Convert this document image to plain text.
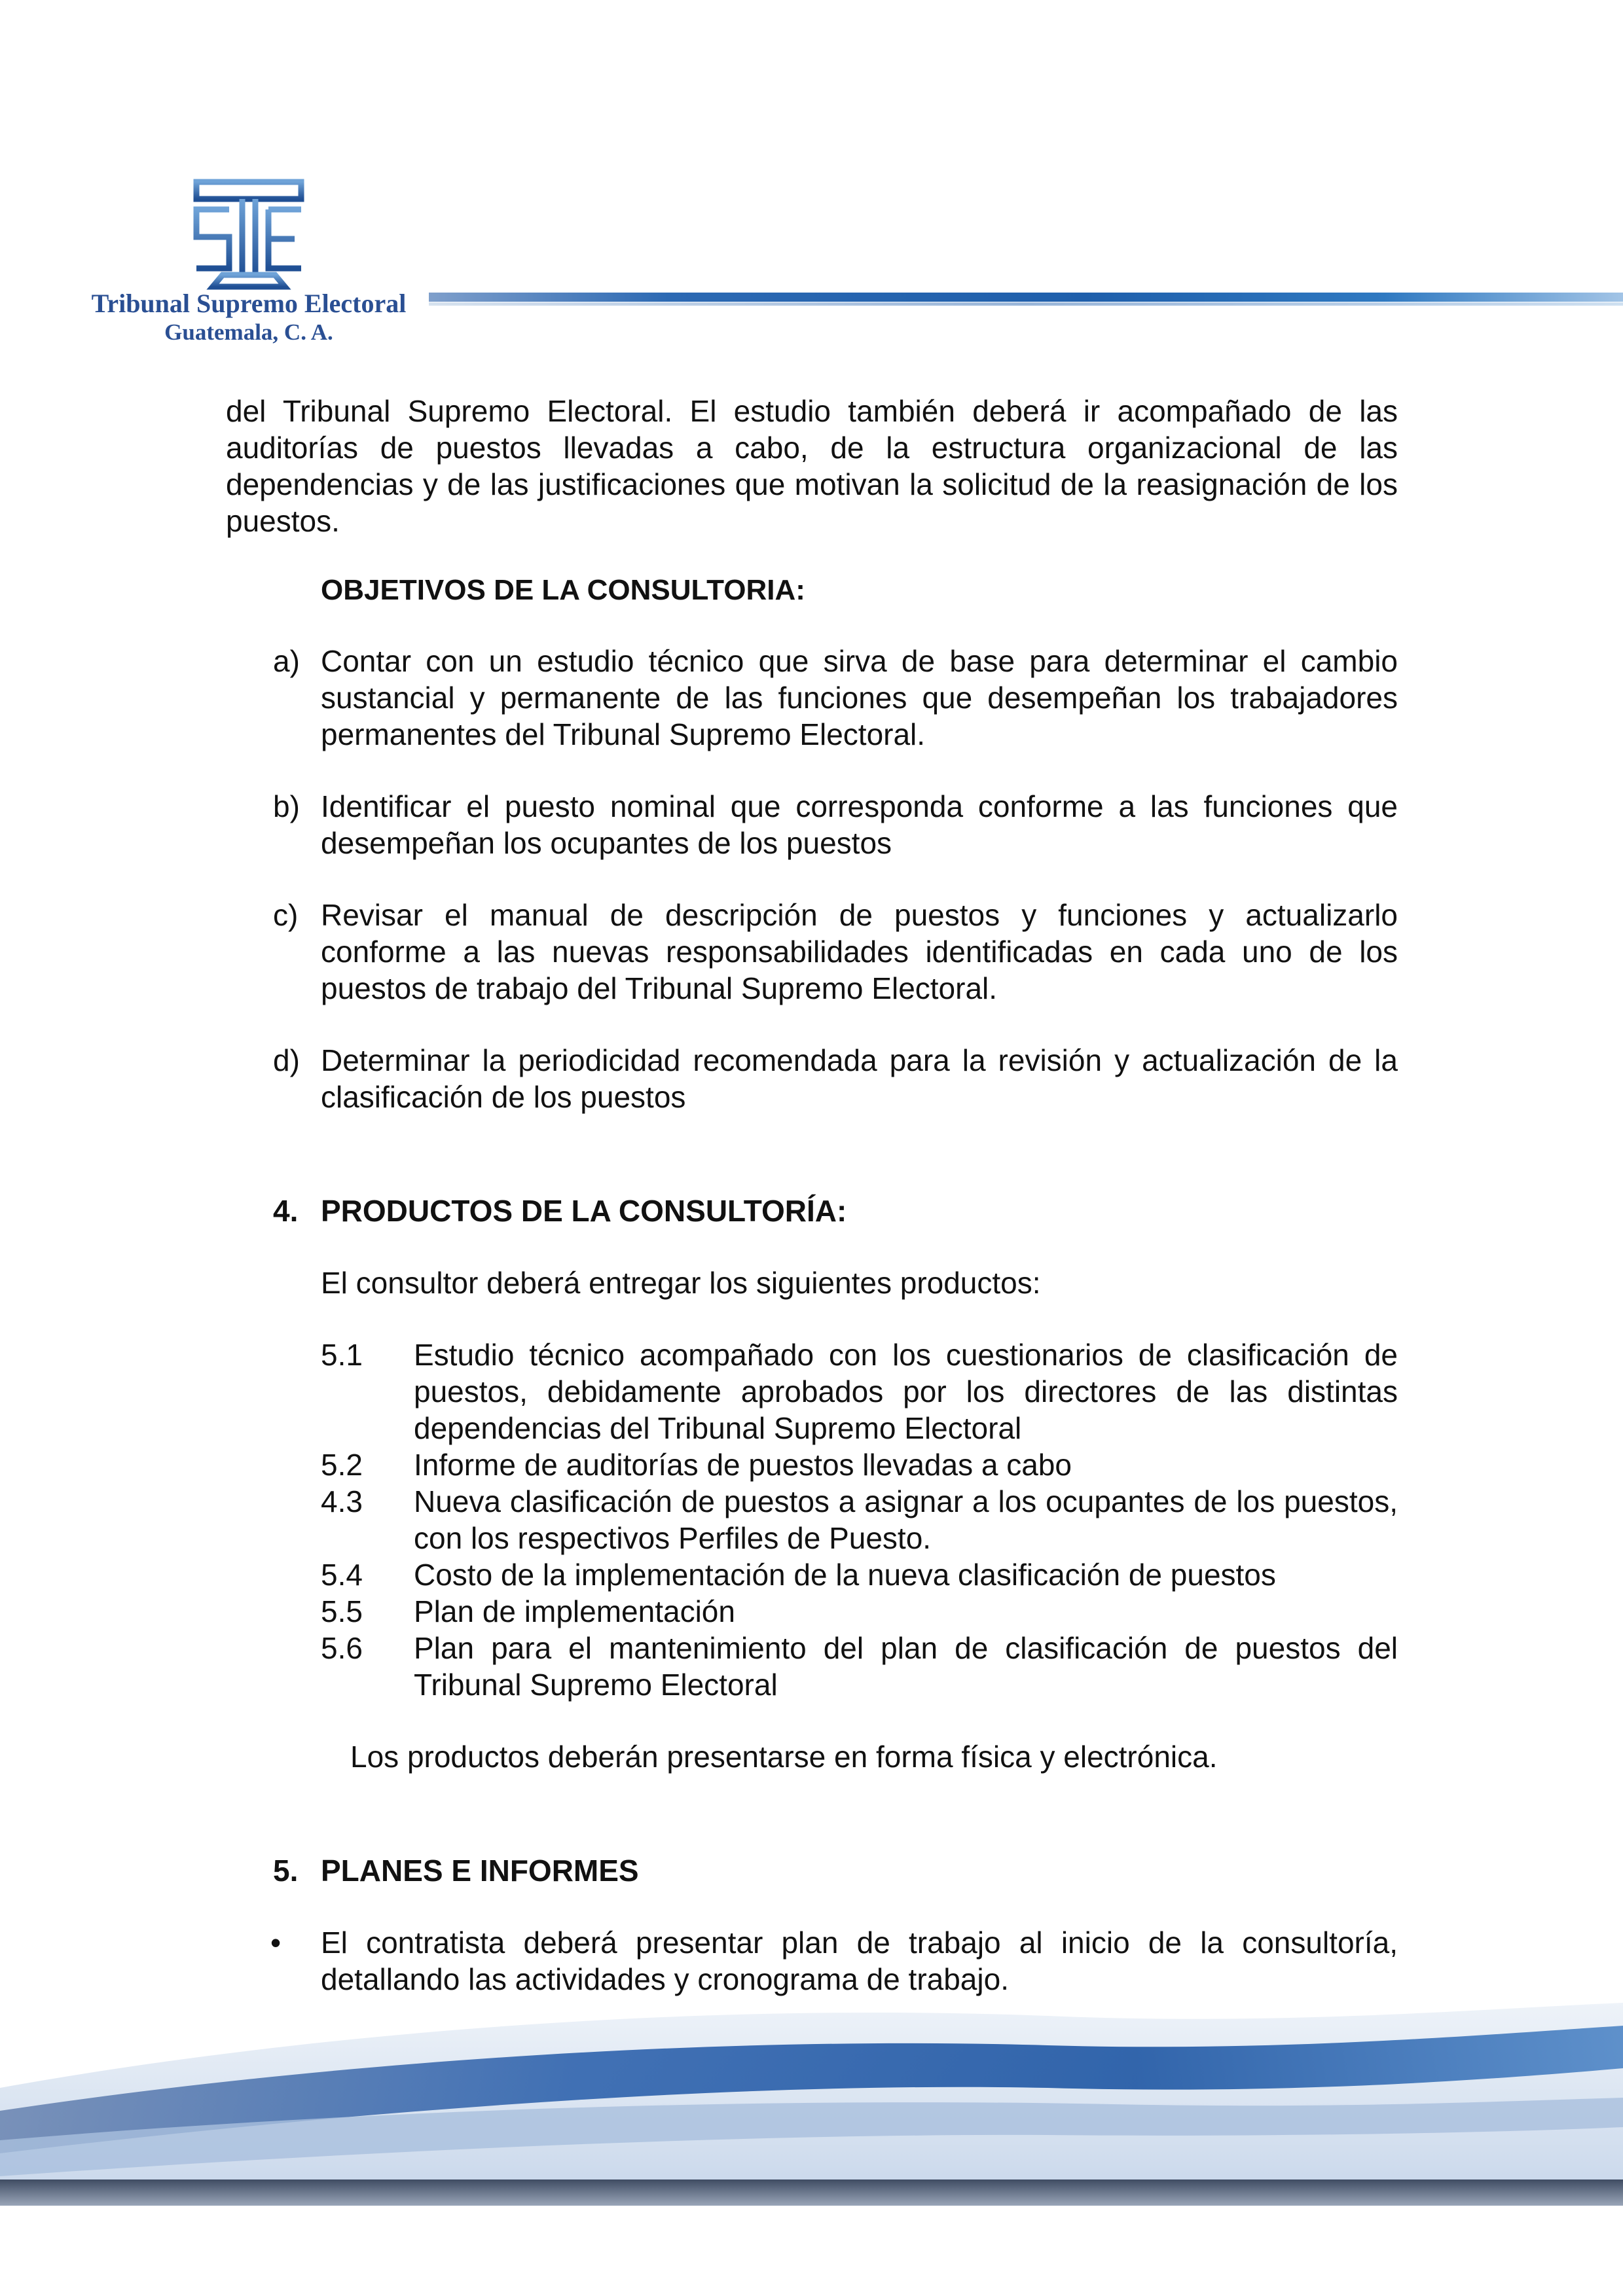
Tribunal Supremo Electoral
Guatemala, C. A.

del Tribunal Supremo Electoral. El estudio también deberá ir acompañado de las auditorías de puestos llevadas a cabo, de la estructura organizacional de las dependencias y de las justificaciones que motivan la solicitud de la reasignación de los puestos.

OBJETIVOS DE LA CONSULTORIA:

a) Contar con un estudio técnico que sirva de base para determinar el cambio sustancial y permanente de las funciones que desempeñan los trabajadores permanentes del Tribunal Supremo Electoral.

b) Identificar el puesto nominal que corresponda conforme a las funciones que desempeñan los ocupantes de los puestos

c) Revisar el manual de descripción de puestos y funciones y actualizarlo conforme a las nuevas responsabilidades identificadas en cada uno de los puestos de trabajo del Tribunal Supremo Electoral.

d) Determinar la periodicidad recomendada para la revisión y actualización de la clasificación de los puestos

4. PRODUCTOS DE LA CONSULTORÍA:

El consultor deberá entregar los siguientes productos:

5.1 Estudio técnico acompañado con los cuestionarios de clasificación de puestos, debidamente aprobados por los directores de las distintas dependencias del Tribunal Supremo Electoral

5.2 Informe de auditorías de puestos llevadas a cabo

4.3 Nueva clasificación de puestos a asignar a los ocupantes de los puestos, con los respectivos Perfiles de Puesto.

5.4 Costo de la implementación de la nueva clasificación de puestos

5.5 Plan de implementación

5.6 Plan para el mantenimiento del plan de clasificación de puestos del Tribunal Supremo Electoral

Los productos deberán presentarse en forma física y electrónica.

5. PLANES E INFORMES

• El contratista deberá presentar plan de trabajo al inicio de la consultoría, detallando las actividades y cronograma de trabajo.
